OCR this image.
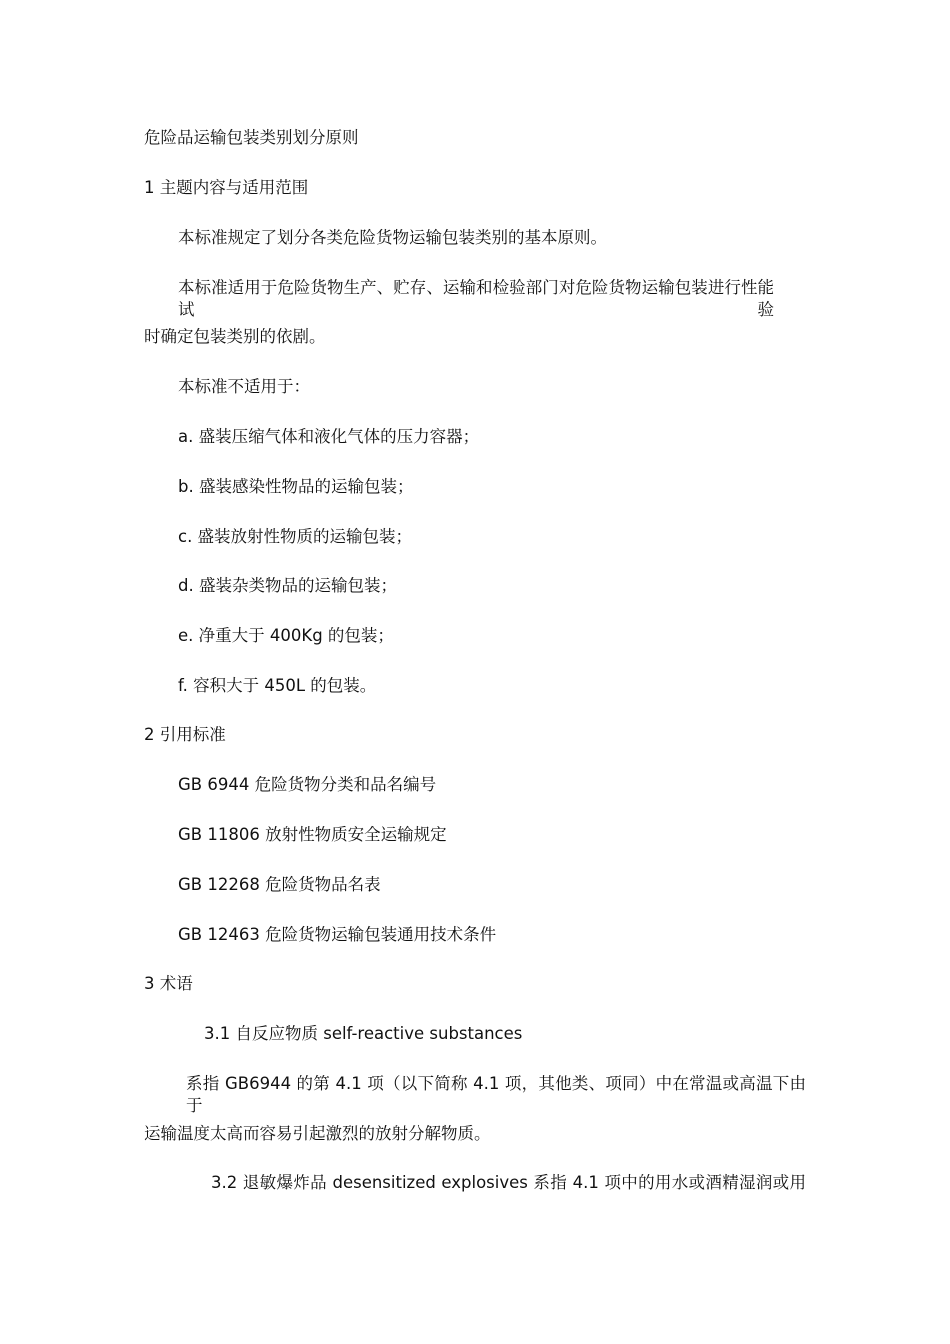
危险品运输包装类别划分原则
1 主题内容与适用范围
本标准规定了划分各类危险货物运输包装类别的基本原则。
本标准适用于危险货物生产、贮存、运输和检验部门对危险货物运输包装进行性能试验
时确定包装类别的依剧。
本标准不适用于：
a. 盛装压缩气体和液化气体的压力容器；
b. 盛装感染性物品的运输包装；
c. 盛装放射性物质的运输包装；
d. 盛装杂类物品的运输包装；
e. 净重大于 400Kg 的包装；
f. 容积大于 450L 的包装。
2 引用标准
GB 6944 危险货物分类和品名编号
GB 11806 放射性物质安全运输规定
GB 12268 危险货物品名表
GB 12463 危险货物运输包装通用技术条件
3 术语
3.1 自反应物质 self-reactive substances
系指 GB6944 的第 4.1 项（以下简称 4.1 项，其他类、项同）中在常温或高温下由于
运输温度太高而容易引起激烈的放射分解物质。
3.2 退敏爆炸品 desensitized explosives 系指 4.1 项中的用水或酒精湿润或用
